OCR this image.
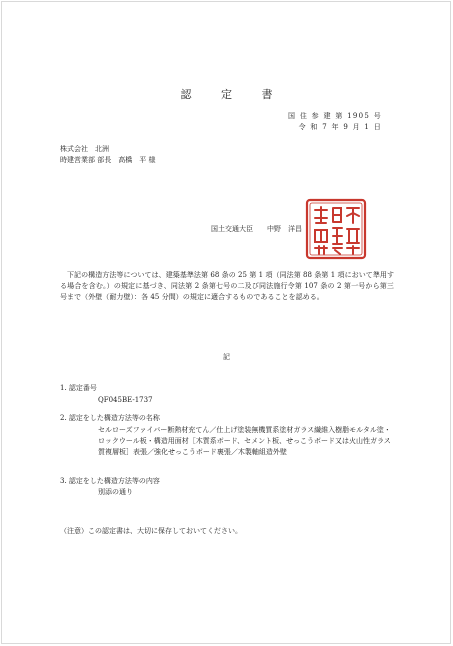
認 定 書
国 住 参 建 第 1905 号
令 和 7 年 9 月 1 日
株式会社　北洲
時建営業部 部長　高橋　平 様
国土交通大臣　　中野　洋昌
下記の構造方法等については、建築基準法第 68 条の 25 第 1 項（同法第 88 条第 1 項において準用する場合を含む。）の規定に基づき、同法第 2 条第七号の二及び同法施行令第 107 条の 2 第一号から第三号まで（外壁（耐力壁）：各 45 分間）の規定に適合するものであることを認める。
記
1. 認定番号
QF045BE-1737
2. 認定をした構造方法等の名称
セルローズファイバー断熱材充てん／仕上げ塗装無機質系塗材ガラス繊維入樹脂モルタル塗・ロックウール板・構造用面材［木質系ボード、セメント板、せっこうボード又は火山性ガラス質複層板］表張／強化せっこうボード裏張／木製軸組造外壁
3. 認定をした構造方法等の内容
別添の通り
（注意）この認定書は、大切に保存しておいてください。
